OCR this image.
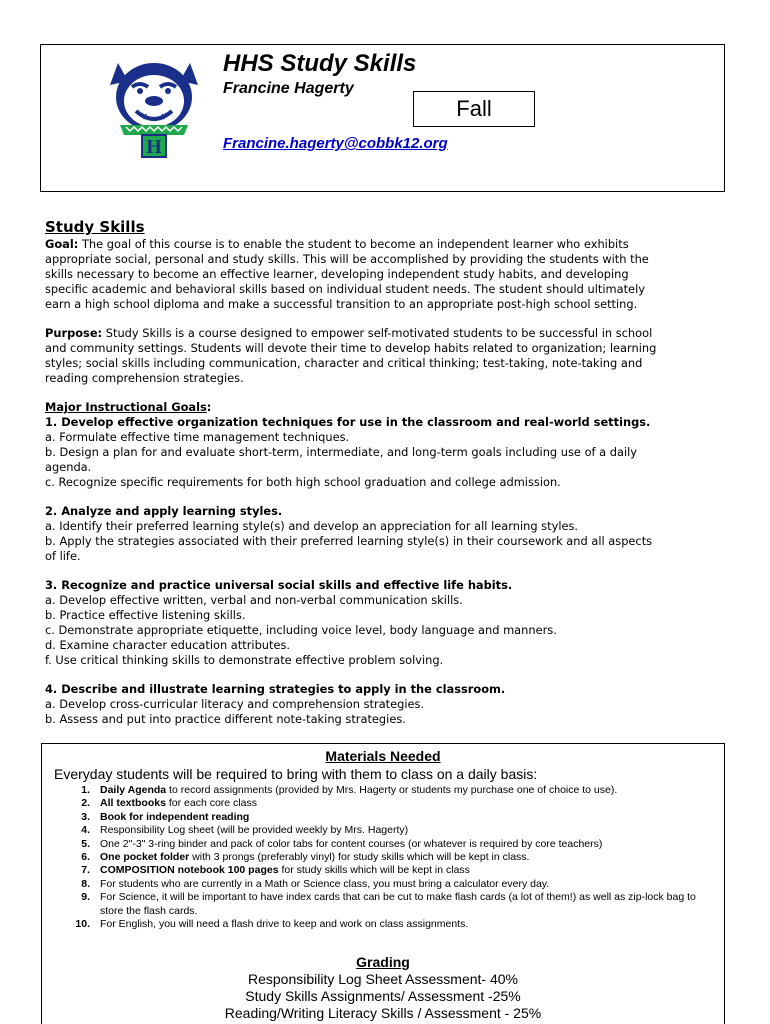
H
HHS Study Skills
Francine Hagerty
Fall
Francine.hagerty@cobbk12.org
Study Skills

Goal: The goal of this course is to enable the student to become an independent learner who exhibits
appropriate social, personal and study skills. This will be accomplished by providing the students with the
skills necessary to become an effective learner, developing independent study habits, and developing
specific academic and behavioral skills based on individual student needs. The student should ultimately
earn a high school diploma and make a successful transition to an appropriate post-high school setting.

Purpose: Study Skills is a course designed to empower self-motivated students to be successful in school
and community settings. Students will devote their time to develop habits related to organization; learning
styles; social skills including communication, character and critical thinking; test-taking, note-taking and
reading comprehension strategies.

Major Instructional Goals:

1. Develop effective organization techniques for use in the classroom and real-world settings.

a. Formulate effective time management techniques.

b. Design a plan for and evaluate short-term, intermediate, and long-term goals including use of a daily

agenda.

c. Recognize specific requirements for both high school graduation and college admission.

2. Analyze and apply learning styles.

a. Identify their preferred learning style(s) and develop an appreciation for all learning styles.

b. Apply the strategies associated with their preferred learning style(s) in their coursework and all aspects

of life.

3. Recognize and practice universal social skills and effective life habits.

a. Develop effective written, verbal and non-verbal communication skills.

b. Practice effective listening skills.

c. Demonstrate appropriate etiquette, including voice level, body language and manners.

d. Examine character education attributes.

f. Use critical thinking skills to demonstrate effective problem solving.

4. Describe and illustrate learning strategies to apply in the classroom.

a. Develop cross-curricular literacy and comprehension strategies.

b. Assess and put into practice different note-taking strategies.

Materials Needed
Everyday students will be required to bring with them to class on a daily basis:
1. Daily Agenda to record assignments (provided by Mrs. Hagerty or students my purchase one of choice to use).
2. All textbooks for each core class
3. Book for independent reading
4. Responsibility Log sheet (will be provided weekly by Mrs. Hagerty)
5. One 2"-3" 3-ring binder and pack of color tabs for content courses (or whatever is required by core teachers)
6. One pocket folder with 3 prongs (preferably vinyl) for study skills which will be kept in class.
7. COMPOSITION notebook 100 pages for study skills which will be kept in class
8. For students who are currently in a Math or Science class, you must bring a calculator every day.
9. For Science, it will be important to have index cards that can be cut to make flash cards (a lot of them!) as well as zip-lock bag to store the flash cards.
10. For English, you will need a flash drive to keep and work on class assignments.
Grading
Responsibility Log Sheet Assessment- 40%
Study Skills Assignments/ Assessment -25%
Reading/Writing Literacy Skills / Assessment - 25%
